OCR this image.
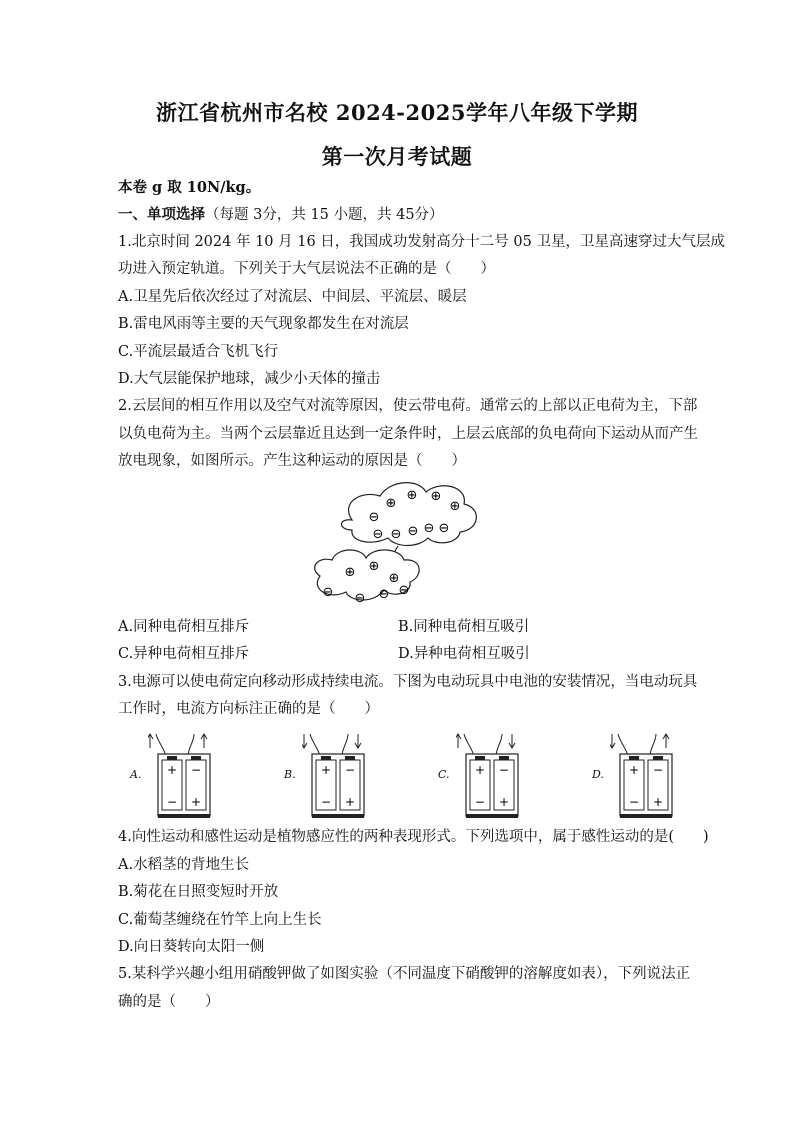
浙江省杭州市名校 2024-2025学年八年级下学期
第一次月考试题
本卷 g 取 10N/kg。
一、单项选择（每题 3分，共 15 小题，共 45分）
1.北京时间 2024 年 10 月 16 日，我国成功发射高分十二号 05 卫星，卫星高速穿过大气层成
功进入预定轨道。下列关于大气层说法不正确的是（　　）
A.卫星先后依次经过了对流层、中间层、平流层、暖层
B.雷电风雨等主要的天气现象都发生在对流层
C.平流层最适合飞机飞行
D.大气层能保护地球，减少小天体的撞击
2.云层间的相互作用以及空气对流等原因，使云带电荷。通常云的上部以正电荷为主，下部
以负电荷为主。当两个云层靠近且达到一定条件时，上层云底部的负电荷向下运动从而产生
放电现象，如图所示。产生这种运动的原因是（　　）
⊕
⊕ ⊕
⊕
⊖
⊖ ⊖ ⊖ ⊖ ⊖
⊕ ⊕
⊕
⊖ ⊖ ⊖ ⊖
A.同种电荷相互排斥	B.同种电荷相互吸引
C.异种电荷相互排斥	D.异种电荷相互吸引
3.电源可以使电荷定向移动形成持续电流。下图为电动玩具中电池的安装情况，当电动玩具
工作时，电流方向标注正确的是（　　）
A. +
−
−
+
B. +
−
−
+
C. +
−
−
+
D. +
−
−
+
4.向性运动和感性运动是植物感应性的两种表现形式。下列选项中，属于感性运动的是(　　)
A.水稻茎的背地生长
B.菊花在日照变短时开放
C.葡萄茎缠绕在竹竿上向上生长
D.向日葵转向太阳一侧
5.某科学兴趣小组用硝酸钾做了如图实验（不同温度下硝酸钾的溶解度如表），下列说法正
确的是（　　）
